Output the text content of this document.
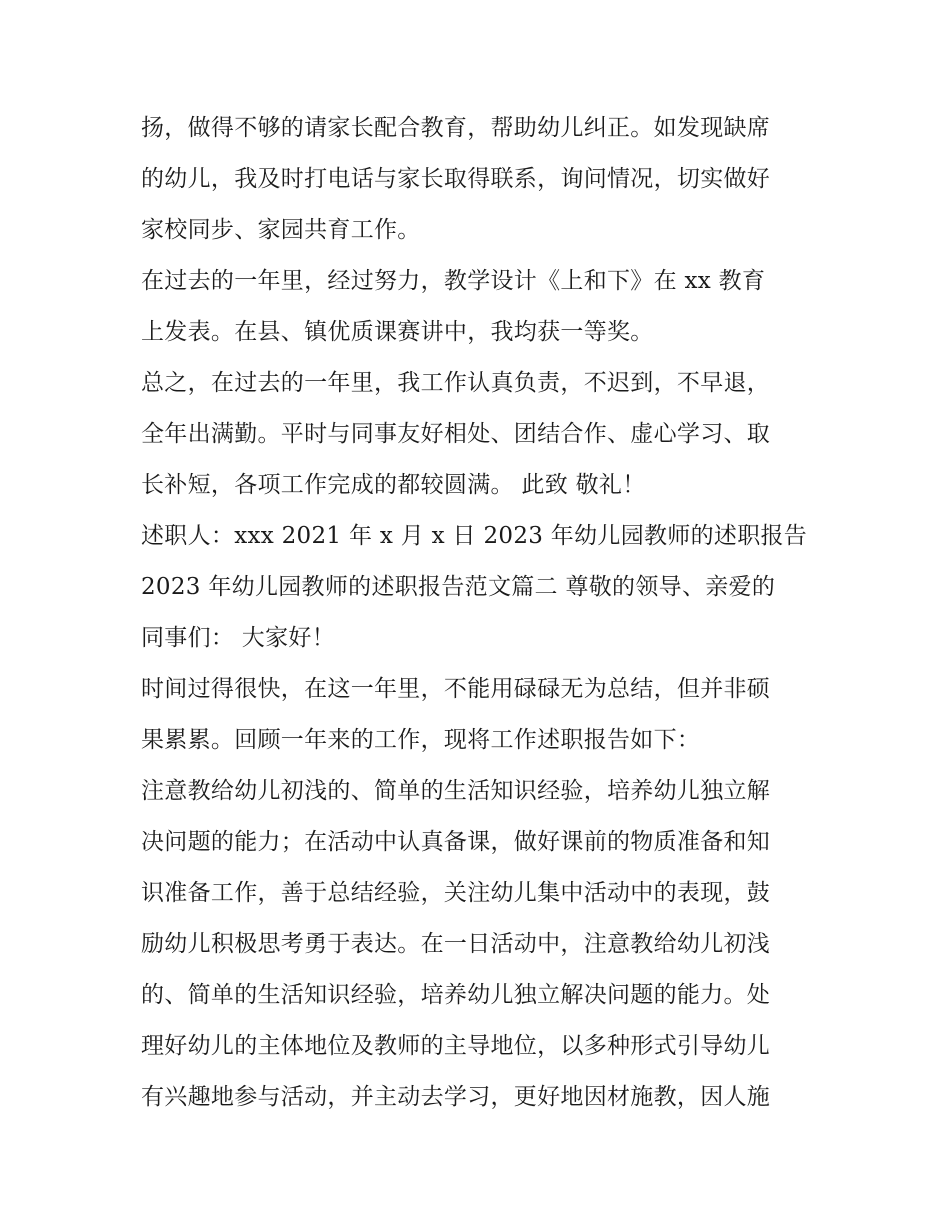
扬，做得不够的请家长配合教育，帮助幼儿纠正。如发现缺席
的幼儿，我及时打电话与家长取得联系，询问情况，切实做好
家校同步、家园共育工作。
在过去的一年里，经过努力，教学设计《上和下》在 xx 教育
上发表。在县、镇优质课赛讲中，我均获一等奖。
总之，在过去的一年里，我工作认真负责，不迟到，不早退，
全年出满勤。平时与同事友好相处、团结合作、虚心学习、取
长补短，各项工作完成的都较圆满。 此致 敬礼！
述职人：xxx 2021 年 x 月 x 日 2023 年幼儿园教师的述职报告
2023 年幼儿园教师的述职报告范文篇二 尊敬的领导、亲爱的
同事们： 大家好！
时间过得很快，在这一年里，不能用碌碌无为总结，但并非硕
果累累。回顾一年来的工作，现将工作述职报告如下：
注意教给幼儿初浅的、简单的生活知识经验，培养幼儿独立解
决问题的能力；在活动中认真备课，做好课前的物质准备和知
识准备工作，善于总结经验，关注幼儿集中活动中的表现，鼓
励幼儿积极思考勇于表达。在一日活动中，注意教给幼儿初浅
的、简单的生活知识经验，培养幼儿独立解决问题的能力。处
理好幼儿的主体地位及教师的主导地位，以多种形式引导幼儿
有兴趣地参与活动，并主动去学习，更好地因材施教，因人施
